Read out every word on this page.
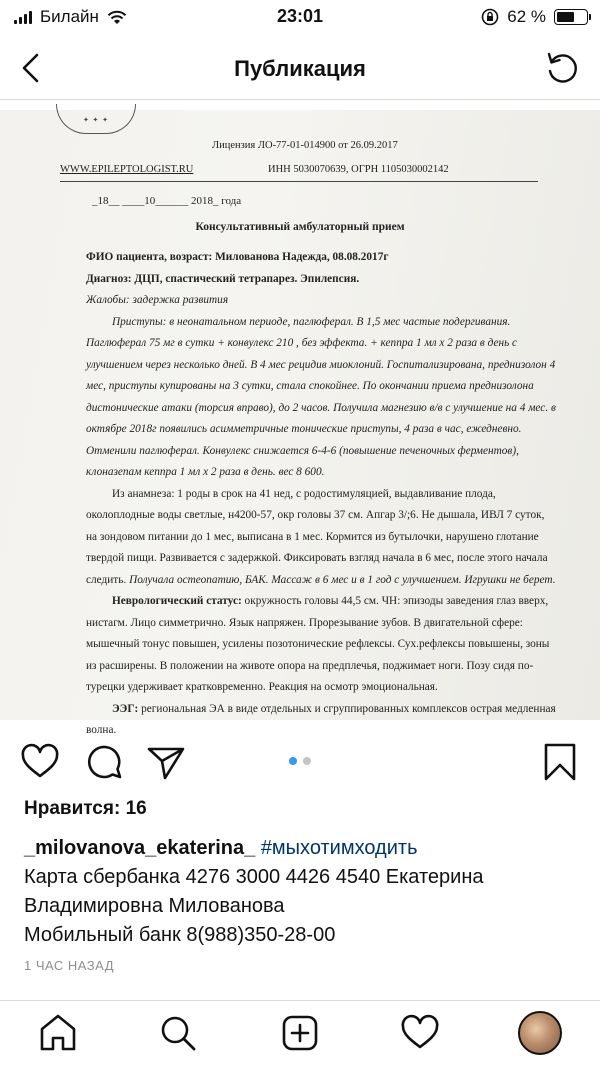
Билайн	23:01	62 %
Публикация
✦ ✦ ✦
Лицензия ЛО-77-01-014900 от 26.09.2017
WWW.EPILEPTOLOGIST.RU	ИНН 5030070639, ОГРН 1105030002142
_18__ ____10______ 2018_ года
Консультативный амбулаторный прием
ФИО пациента, возраст: Милованова Надежда, 08.08.2017г
Диагноз: ДЦП, спастический тетрапарез. Эпилепсия.
Жалобы: задержка развития
Приступы: в неонатальном периоде, паглюферал. В 1,5 мес частые подергивания. Паглюферал 75 мг в сутки + конвулекс 210 , без эффекта. + кеппра 1 мл х 2 раза в день с улучшением через несколько дней. В 4 мес рецидив миоклоний. Госпитализирована, преднизолон 4 мес, приступы купированы на 3 сутки, стала спокойнее. По окончании приема преднизолона дистонические атаки (торсия вправо), до 2 часов. Получила магнезию в/в с улучшение на 4 мес. в октябре 2018г появились асимметричные тонические приступы, 4 раза в час, ежедневно. Отменили паглюферал. Конвулекс снижается 6-4-6 (повышение печеночных ферментов), клоназепам кеппра 1 мл х 2 раза в день. вес 8 600.
Из анамнеза: 1 роды в срок на 41 нед, с родостимуляцией, выдавливание плода, околоплодные воды светлые, н4200-57, окр головы 37 см. Апгар 3/;6. Не дышала, ИВЛ 7 суток, на зондовом питании до 1 мес, выписана в 1 мес. Кормится из бутылочки, нарушено глотание твердой пищи. Развивается с задержкой. Фиксировать взгляд начала в 6 мес, после этого начала следить. Получала остеопатию, БАК. Массаж в 6 мес и в 1 год с улучшением. Игрушки не берет.
Неврологический статус: окружность головы 44,5 см. ЧН: эпизоды заведения глаз вверх, нистагм. Лицо симметрично. Язык напряжен. Прорезывание зубов. В двигательной сфере: мышечный тонус повышен, усилены позотонические рефлексы. Сух.рефлексы повышены, зоны из расширены. В положении на животе опора на предплечья, поджимает ноги. Позу сидя по-турецки удерживает кратковременно. Реакция на осмотр эмоциональная.
ЭЭГ: региональная ЭА в виде отдельных и сгруппированных комплексов острая медленная волна.
Нравится: 16
_milovanova_ekaterina_ #мыхотимходить
Карта сбербанка 4276 3000 4426 4540 Екатерина
Владимировна Милованова
Мобильный банк 8(988)350-28-00
1 ЧАС НАЗАД
